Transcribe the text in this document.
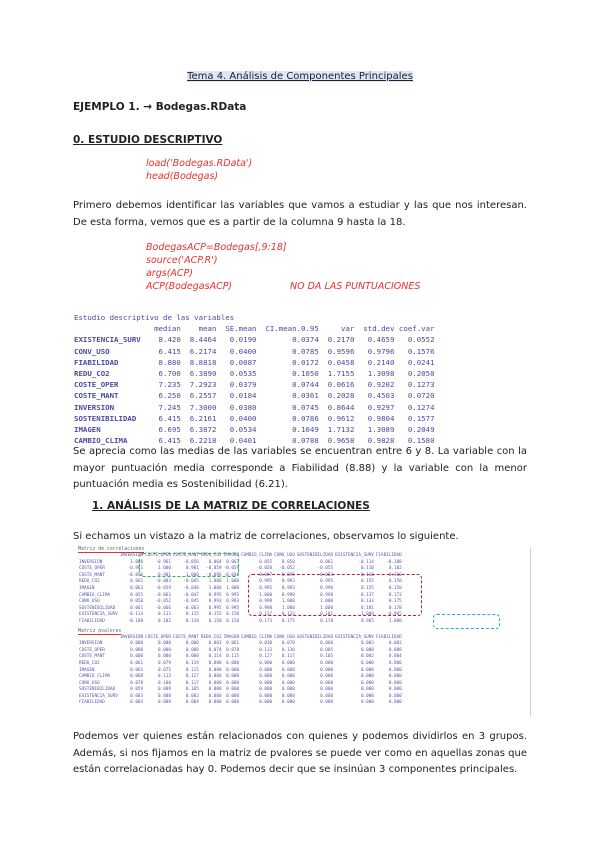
Tema 4. Análisis de Componentes Principales
EJEMPLO 1. → Bodegas.RData
0. ESTUDIO DESCRIPTIVO
load('Bodegas.RData')
head(Bodegas)
Primero debemos identificar las variables que vamos a estudiar y las que nos interesan. De esta forma, vemos que es a partir de la columna 9 hasta la 18.
BodegasACP=Bodegas[,9:18]
source('ACP.R')
args(ACP)
ACP(BodegasACP)	NO DA LAS PUNTUACIONES
Estudio descriptivo de las variables
median    mean  SE.mean  CI.mean.0.95     var  std.dev coef.var
EXISTENCIA_SURV    8.420  8.4464   0.0190        0.0374  0.2170   0.4659   0.0552
CONV_USO           6.415  6.2174   0.0400        0.0785  0.9596   0.9796   0.1576
FIABILIDAD         8.880  8.8818   0.0087        0.0172  0.0458   0.2140   0.0241
REDU_CO2           6.700  6.3890   0.0535        0.1050  1.7155   1.3098   0.2050
COSTE_OPER         7.235  7.2923   0.0379        0.0744  0.0616   0.9202   0.1273
COSTE_MANT         6.250  6.2557   0.0184        0.0361  0.2028   0.4503   0.0720
INVERSION          7.245  7.3000   0.0380        0.0745  0.8644   0.9297   0.1274
SOSTENIBILIDAD     6.415  6.2161   0.0400        0.0786  0.9612   0.9804   0.1577
IMAGEN             6.695  6.3872   0.0534        0.1049  1.7132   1.3089   0.2049
CAMBIO_CLIMA       6.415  6.2218   0.0401        0.0788  0.9658   0.9828   0.1580

Se aprecia como las medias de las variables se encuentran entre 6 y 8. La variable con la mayor puntuación media corresponde a Fiabilidad (8.88) y la variable con la menor puntuación media es Sostenibilidad (6.21).
1. ANÁLISIS DE LA MATRIZ DE CORRELACIONES
Si echamos un vistazo a la matriz de correlaciones, observamos lo siguiente.
Matriz de correlaciones
	INVERSION	COSTE_OPER	COSTE_MANT	REDU_CO2	IMAGEN	CAMBIO_CLIMA	CONV_USO	SOSTENIBILIDAD	EXISTENCIA_SURV	FIABILIDAD
INVERSION	1.000	-0.961	-0.856	0.064	0.063	0.055	0.050	0.061	-0.114	-0.108
COSTE_OPER	-0.961	1.000	0.901	-0.059	-0.059	-0.050	-0.052	-0.055	0.110	0.102
COSTE_MANT	-0.856	0.901	1.000	-0.096	-0.049	-0.097	-0.095	-0.063	0.110	0.110
REDU_CO2	0.061	-0.083	-0.045	1.000	1.000	0.995	0.993	0.995	0.155	0.150
IMAGEN	0.063	-0.059	-0.048	1.000	1.000	0.995	0.993	0.996	0.155	0.150
CAMBIO_CLIMA	0.055	-0.063	-0.047	0.995	0.995	1.000	0.998	0.998	0.137	0.173
CONV_USO	0.050	-0.052	-0.045	0.993	0.993	0.998	1.000	1.000	0.133	0.175
SOSTENIBILIDAD	0.061	-0.066	-0.063	0.995	0.995	0.998	1.000	1.000	0.181	0.178
EXISTENCIA_SURV	-0.114	0.113	0.115	0.155	0.150	0.137	0.133	0.181	1.000	0.965
FIABILIDAD	-0.108	0.102	0.110	0.150	0.150	0.173	0.175	0.178	0.965	1.000
Matriz pvalores
	INVERSION	COSTE_OPER	COSTE_MANT	REDU_CO2	IMAGEN	CAMBIO_CLIMA	CONV_USO	SOSTENIBILIDAD	EXISTENCIA_SURV	FIABILIDAD
INVERSION	0.000	0.000	0.000	0.063	0.061	0.030	0.078	0.060	0.003	0.002
COSTE_OPER	0.000	0.000	0.000	0.074	0.078	0.113	0.130	0.085	0.008	0.008
COSTE_MANT	0.000	0.000	0.000	0.114	0.115	0.127	0.117	0.105	0.002	0.004
REDU_CO2	0.061	0.079	0.119	0.000	0.000	0.000	0.000	0.000	0.000	0.000
IMAGEN	0.061	0.075	0.115	0.000	0.000	0.000	0.000	0.000	0.000	0.000
CAMBIO_CLIMA	0.060	0.113	0.127	0.000	0.000	0.000	0.000	0.000	0.000	0.000
CONV_USO	0.078	0.100	0.117	0.000	0.000	0.000	0.000	0.000	0.000	0.000
SOSTENIBILIDAD	0.059	0.089	0.105	0.000	0.000	0.000	0.000	0.000	0.000	0.000
EXISTENCIA_SURV	0.003	0.008	0.002	0.000	0.000	0.000	0.000	0.000	0.000	0.000
FIABILIDAD	0.003	0.008	0.004	0.000	0.000	0.000	0.000	0.000	0.000	0.000
Podemos ver quienes están relacionados con quienes y podemos dividirlos en 3 grupos. Además, si nos fijamos en la matriz de pvalores se puede ver como en aquellas zonas que están correlacionadas hay 0. Podemos decir que se insinúan 3 componentes principales.
